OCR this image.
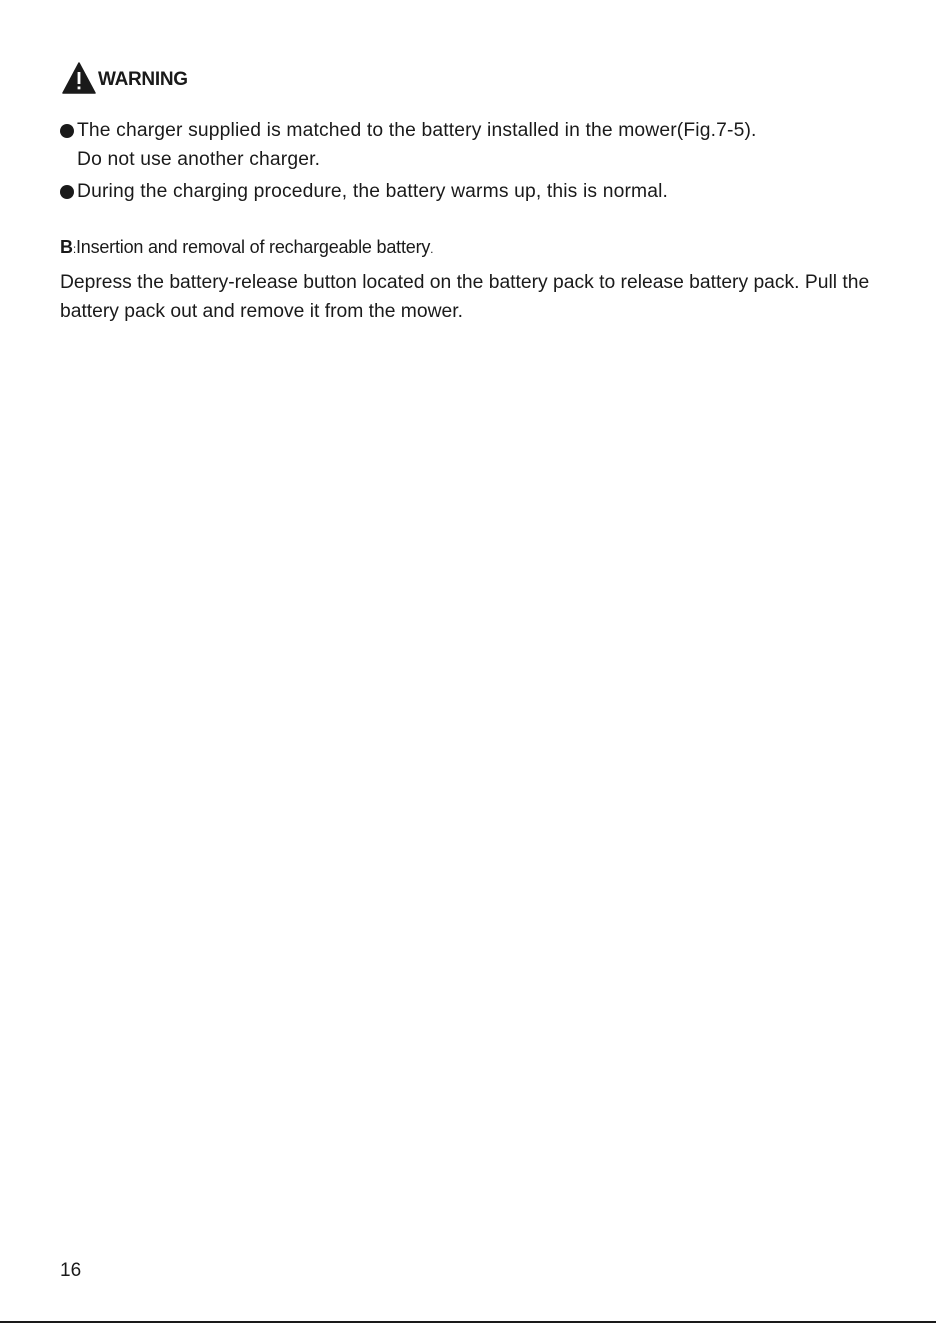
WARNING
The charger supplied is matched to the battery installed in the mower(Fig.7-5).
Do not use another charger.
During the charging procedure, the battery warms up, this is normal.
B:Insertion and removal of rechargeable battery.

Depress the battery-release button located on the battery pack to release battery pack. Pull the battery pack out and remove it from the mower.

16
